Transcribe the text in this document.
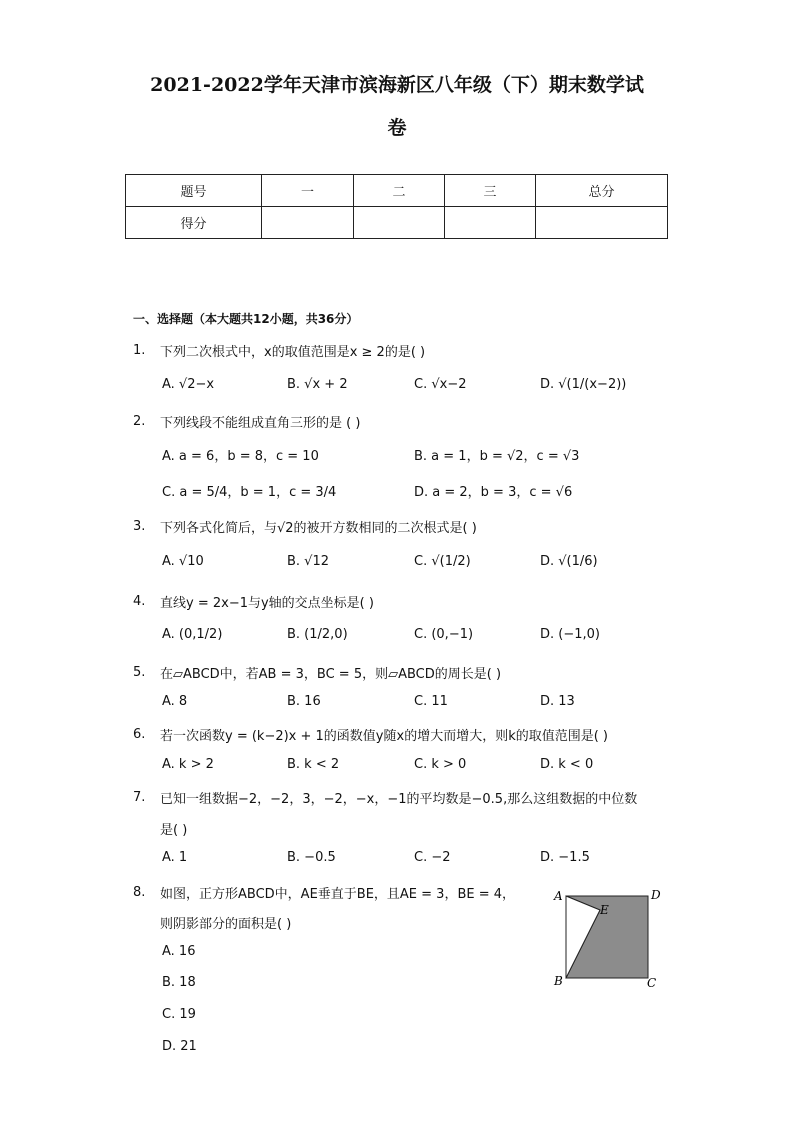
2021-2022学年天津市滨海新区八年级（下）期末数学试
卷
题号	一	二	三	总分
得分				
一、选择题（本大题共12小题，共36分）
1. 下列二次根式中，x的取值范围是x ≥ 2的是( )
A. √2−x	B. √x + 2	C. √x−2	D. √(1/(x−2))
2. 下列线段不能组成直角三形的是 ( )
A. a = 6，b = 8，c = 10	B. a = 1，b = √2，c = √3
C. a = 5/4，b = 1，c = 3/4	D. a = 2，b = 3，c = √6
3. 下列各式化简后，与√2的被开方数相同的二次根式是( )
A. √10	B. √12	C. √(1/2)	D. √(1/6)
4. 直线y = 2x−1与y轴的交点坐标是( )
A. (0,1/2)	B. (1/2,0)	C. (0,−1)	D. (−1,0)
5. 在▱ABCD中，若AB = 3，BC = 5，则▱ABCD的周长是( )
A. 8	B. 16	C. 11	D. 13
6. 若一次函数y = (k−2)x + 1的函数值y随x的增大而增大，则k的取值范围是( )
A. k > 2	B. k < 2	C. k > 0	D. k < 0
7. 已知一组数据−2，−2，3，−2，−x，−1的平均数是−0.5,那么这组数据的中位数
是( )
A. 1	B. −0.5	C. −2	D. −1.5
8. 如图，正方形ABCD中，AE垂直于BE，且AE = 3，BE = 4，
则阴影部分的面积是( )
A. 16
B. 18
C. 19
D. 21
A	D
E
B	C
